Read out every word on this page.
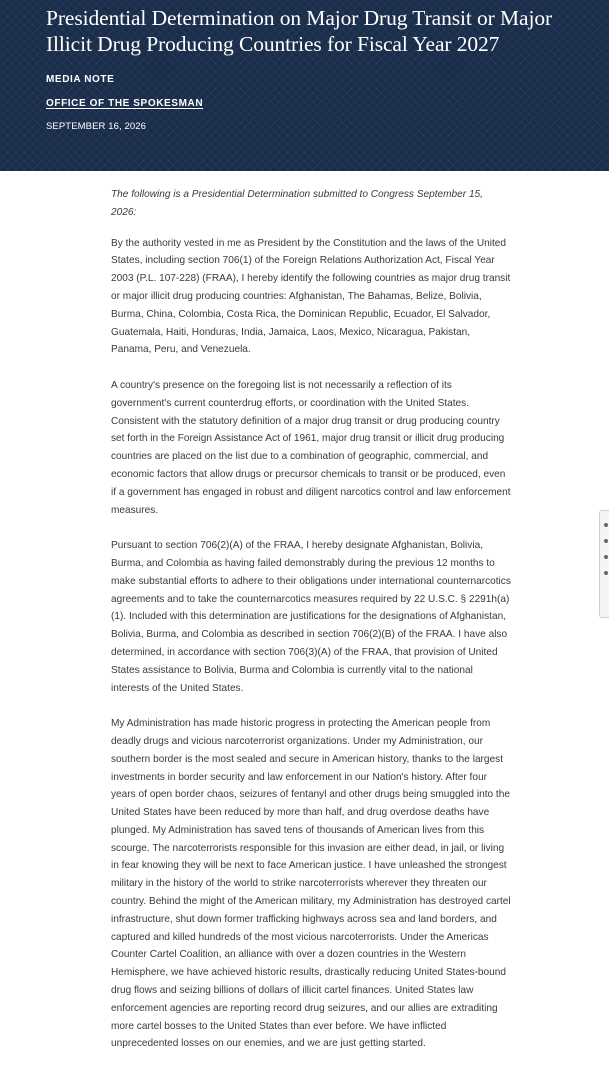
Presidential Determination on Major Drug Transit or Major Illicit Drug Producing Countries for Fiscal Year 2027
MEDIA NOTE
OFFICE OF THE SPOKESMAN
SEPTEMBER 16, 2026

The following is a Presidential Determination submitted to Congress September 15, 2026:

By the authority vested in me as President by the Constitution and the laws of the United States, including section 706(1) of the Foreign Relations Authorization Act, Fiscal Year 2003 (P.L. 107-228) (FRAA), I hereby identify the following countries as major drug transit or major illicit drug producing countries: Afghanistan, The Bahamas, Belize, Bolivia, Burma, China, Colombia, Costa Rica, the Dominican Republic, Ecuador, El Salvador, Guatemala, Haiti, Honduras, India, Jamaica, Laos, Mexico, Nicaragua, Pakistan, Panama, Peru, and Venezuela.

A country's presence on the foregoing list is not necessarily a reflection of its government's current counterdrug efforts, or coordination with the United States. Consistent with the statutory definition of a major drug transit or drug producing country set forth in the Foreign Assistance Act of 1961, major drug transit or illicit drug producing countries are placed on the list due to a combination of geographic, commercial, and economic factors that allow drugs or precursor chemicals to transit or be produced, even if a government has engaged in robust and diligent narcotics control and law enforcement measures.

Pursuant to section 706(2)(A) of the FRAA, I hereby designate Afghanistan, Bolivia, Burma, and Colombia as having failed demonstrably during the previous 12 months to make substantial efforts to adhere to their obligations under international counternarcotics agreements and to take the counternarcotics measures required by 22 U.S.C. § 2291h(a)(1). Included with this determination are justifications for the designations of Afghanistan, Bolivia, Burma, and Colombia as described in section 706(2)(B) of the FRAA. I have also determined, in accordance with section 706(3)(A) of the FRAA, that provision of United States assistance to Bolivia, Burma and Colombia is currently vital to the national interests of the United States.

My Administration has made historic progress in protecting the American people from deadly drugs and vicious narcoterrorist organizations. Under my Administration, our southern border is the most sealed and secure in American history, thanks to the largest investments in border security and law enforcement in our Nation's history. After four years of open border chaos, seizures of fentanyl and other drugs being smuggled into the United States have been reduced by more than half, and drug overdose deaths have plunged. My Administration has saved tens of thousands of American lives from this scourge. The narcoterrorists responsible for this invasion are either dead, in jail, or living in fear knowing they will be next to face American justice. I have unleashed the strongest military in the history of the world to strike narcoterrorists wherever they threaten our country. Behind the might of the American military, my Administration has destroyed cartel infrastructure, shut down former trafficking highways across sea and land borders, and captured and killed hundreds of the most vicious narcoterrorists. Under the Americas Counter Cartel Coalition, an alliance with over a dozen countries in the Western Hemisphere, we have achieved historic results, drastically reducing United States-bound drug flows and seizing billions of dollars of illicit cartel finances. United States law enforcement agencies are reporting record drug seizures, and our allies are extraditing more cartel bosses to the United States than ever before. We have inflicted unprecedented losses on our enemies, and we are just getting started.
